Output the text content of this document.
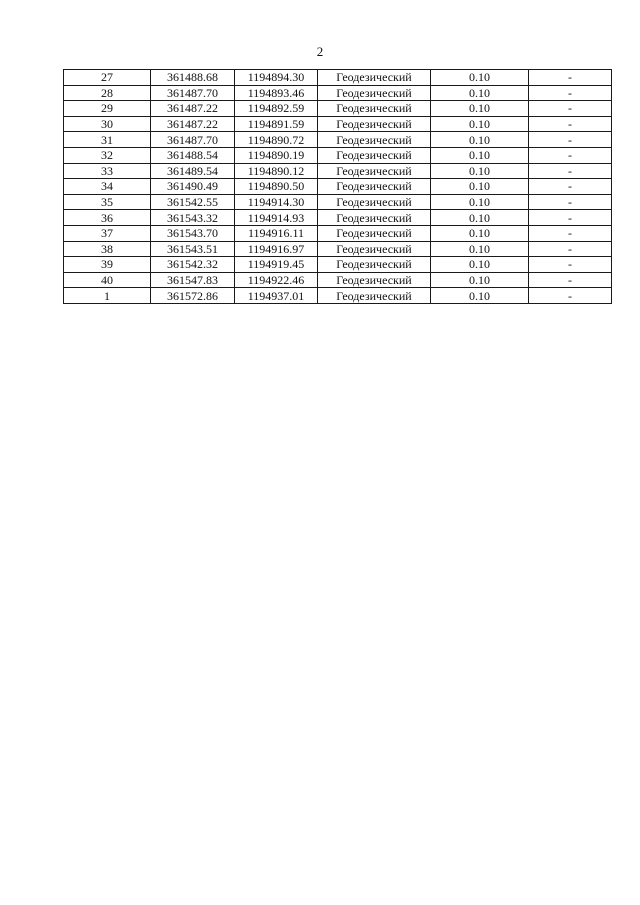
2
27	361488.68	1194894.30	Геодезический	0.10	-
28	361487.70	1194893.46	Геодезический	0.10	-
29	361487.22	1194892.59	Геодезический	0.10	-
30	361487.22	1194891.59	Геодезический	0.10	-
31	361487.70	1194890.72	Геодезический	0.10	-
32	361488.54	1194890.19	Геодезический	0.10	-
33	361489.54	1194890.12	Геодезический	0.10	-
34	361490.49	1194890.50	Геодезический	0.10	-
35	361542.55	1194914.30	Геодезический	0.10	-
36	361543.32	1194914.93	Геодезический	0.10	-
37	361543.70	1194916.11	Геодезический	0.10	-
38	361543.51	1194916.97	Геодезический	0.10	-
39	361542.32	1194919.45	Геодезический	0.10	-
40	361547.83	1194922.46	Геодезический	0.10	-
1	361572.86	1194937.01	Геодезический	0.10	-
